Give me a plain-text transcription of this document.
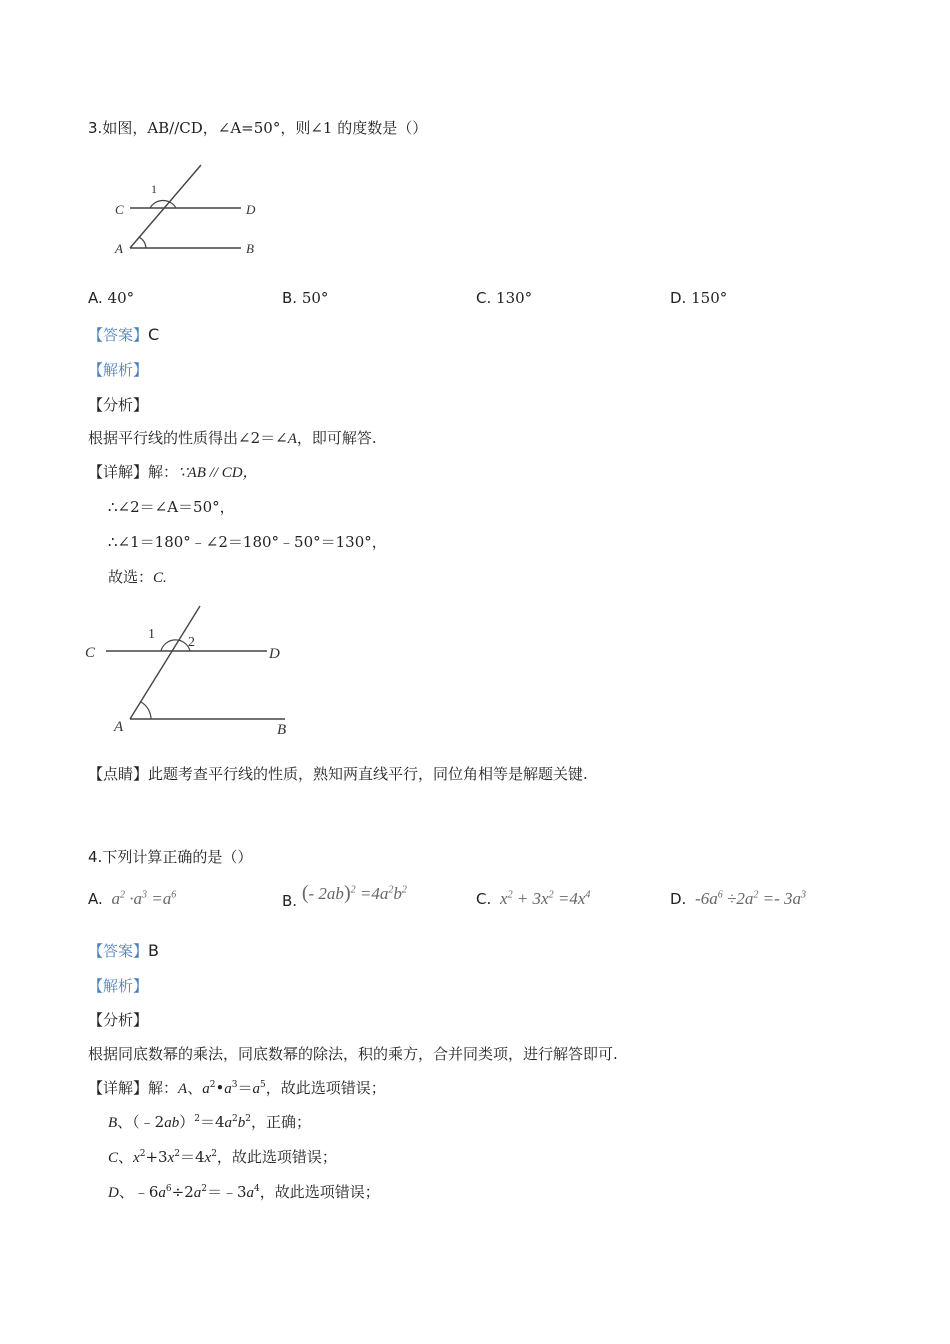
3.如图，AB//CD，∠A=50°，则∠1 的度数是（）
C	D
A	B
1
A. 40°	B. 50°	C. 130°	D. 150°
【答案】C
【解析】
【分析】
根据平行线的性质得出∠2＝∠A，即可解答.
【详解】解：∵AB // CD，
∴∠2＝∠A＝50°，
∴∠1＝180°﹣∠2＝180°﹣50°＝130°，
故选：C.
C	D
A	B
1
2
【点睛】此题考查平行线的性质，熟知两直线平行，同位角相等是解题关键.
4.下列计算正确的是（）
A. $a^2 \cdot a^3 =a^6$	B. (- $2ab)^2 =4a^2b^2$
C. $x^2 + 3x^2 =4x^4$	D. $-6a^6 \div 2a^2 =- 3a^3$
【答案】B
【解析】
【分析】
根据同底数幂的乘法，同底数幂的除法，积的乘方，合并同类项，进行解答即可.
【详解】解：A、$a^2•a^3=a^5$，故此选项错误；
B、$(﹣2ab)^2=4a^2b^2$，正确；
C、$x^2+3x^2=4x^2$，故此选项错误；
D、$﹣6a^6\div 2a^2=﹣3a^4$，故此选项错误；
